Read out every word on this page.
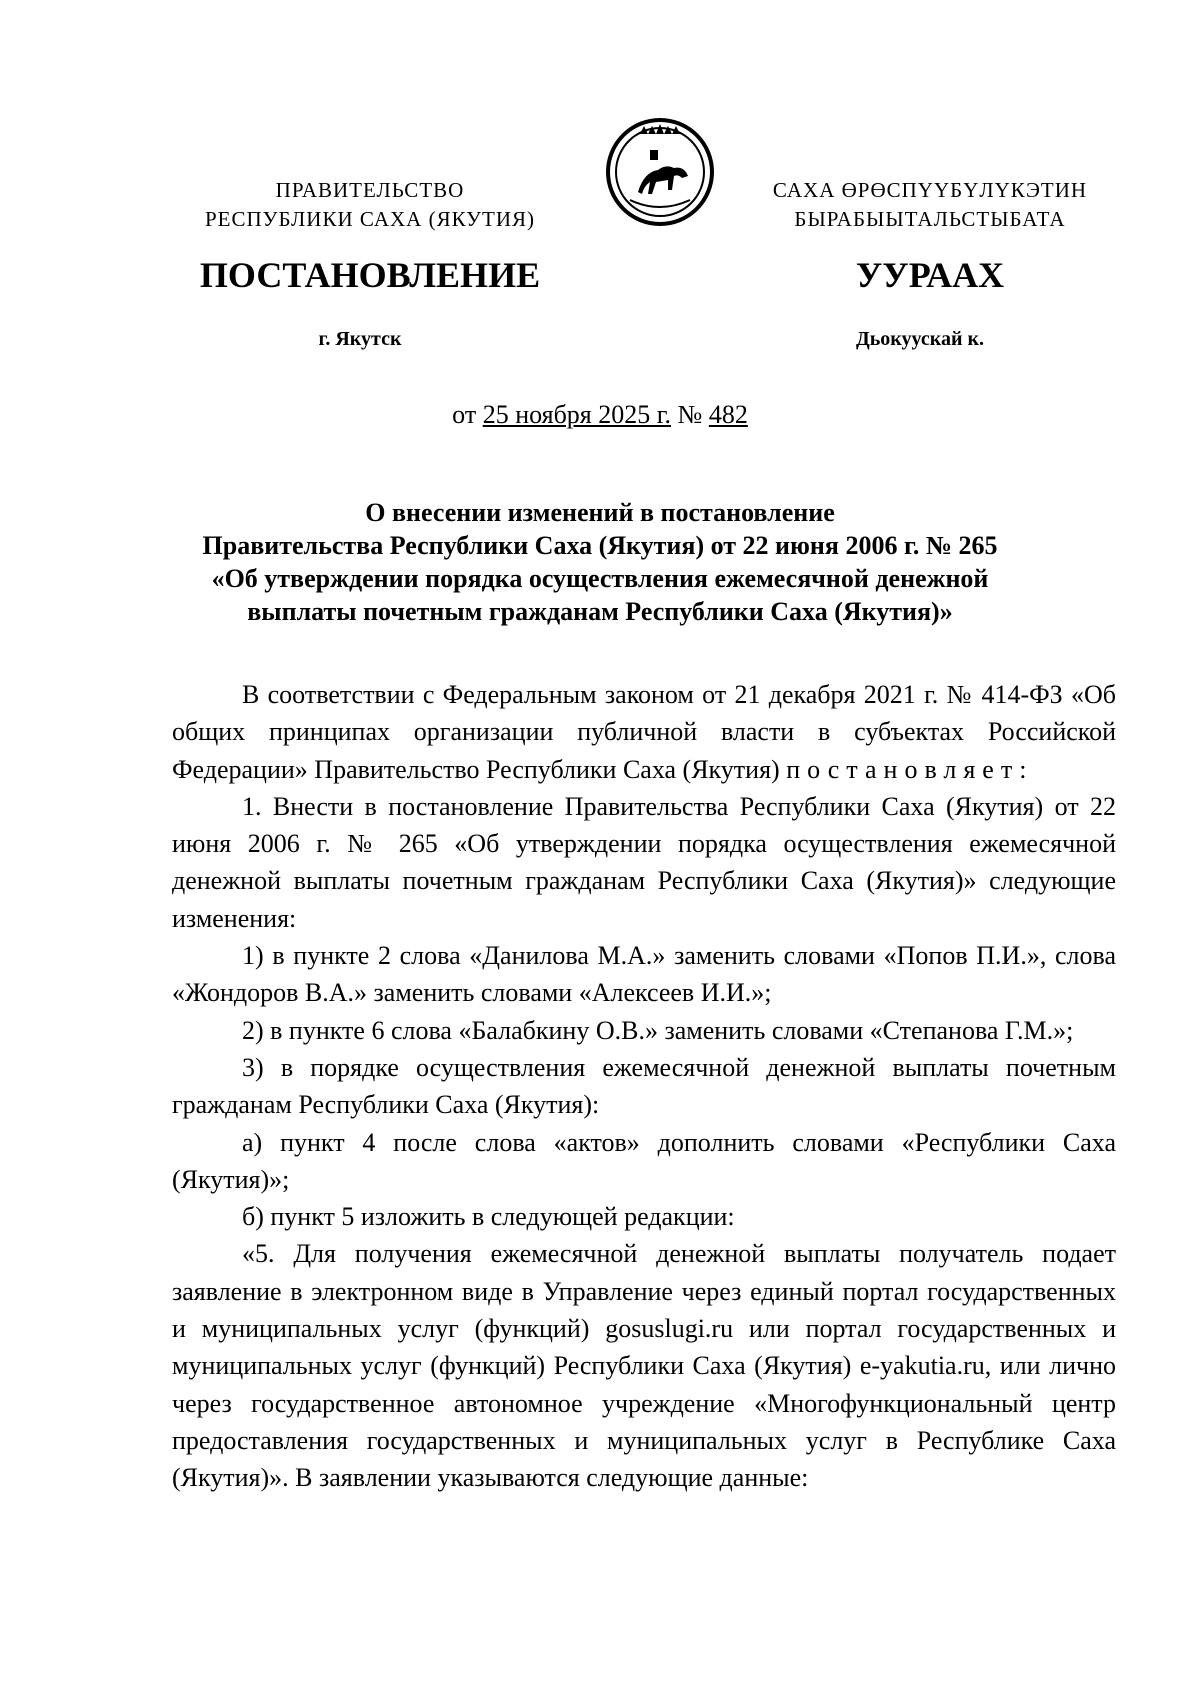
ПРАВИТЕЛЬСТВО
РЕСПУБЛИКИ САХА (ЯКУТИЯ)
САХА ӨРӨСПҮҮБҮЛҮКЭТИН
БЫРАБЫЫТАЛЬСТЫБАТА
ПОСТАНОВЛЕНИЕ	УУРААХ
г. Якутск	Дьокуускай к.
от 25 ноября 2025 г. № 482
О внесении изменений в постановление
Правительства Республики Саха (Якутия) от 22 июня 2006 г. № 265
«Об утверждении порядка осуществления ежемесячной денежной
выплаты почетным гражданам Республики Саха (Якутия)»

В соответствии с Федеральным законом от 21 декабря 2021 г. № 414-ФЗ «Об общих принципах организации публичной власти в субъектах Российской Федерации» Правительство Республики Саха (Якутия) постановляет:

1. Внести в постановление Правительства Республики Саха (Якутия) от 22 июня 2006 г. № 265 «Об утверждении порядка осуществления ежемесячной денежной выплаты почетным гражданам Республики Саха (Якутия)» следующие изменения:

1) в пункте 2 слова «Данилова М.А.» заменить словами «Попов П.И.», слова «Жондоров В.А.» заменить словами «Алексеев И.И.»;

2) в пункте 6 слова «Балабкину О.В.» заменить словами «Степанова Г.М.»;

3) в порядке осуществления ежемесячной денежной выплаты почетным гражданам Республики Саха (Якутия):

а) пункт 4 после слова «актов» дополнить словами «Республики Саха (Якутия)»;

б) пункт 5 изложить в следующей редакции:

«5. Для получения ежемесячной денежной выплаты получатель подает заявление в электронном виде в Управление через единый портал государственных и муниципальных услуг (функций) gosuslugi.ru или портал государственных и муниципальных услуг (функций) Республики Саха (Якутия) e-yakutia.ru, или лично через государственное автономное учреждение «Многофункциональный центр предоставления государственных и муниципальных услуг в Республике Саха (Якутия)». В заявлении указываются следующие данные:
